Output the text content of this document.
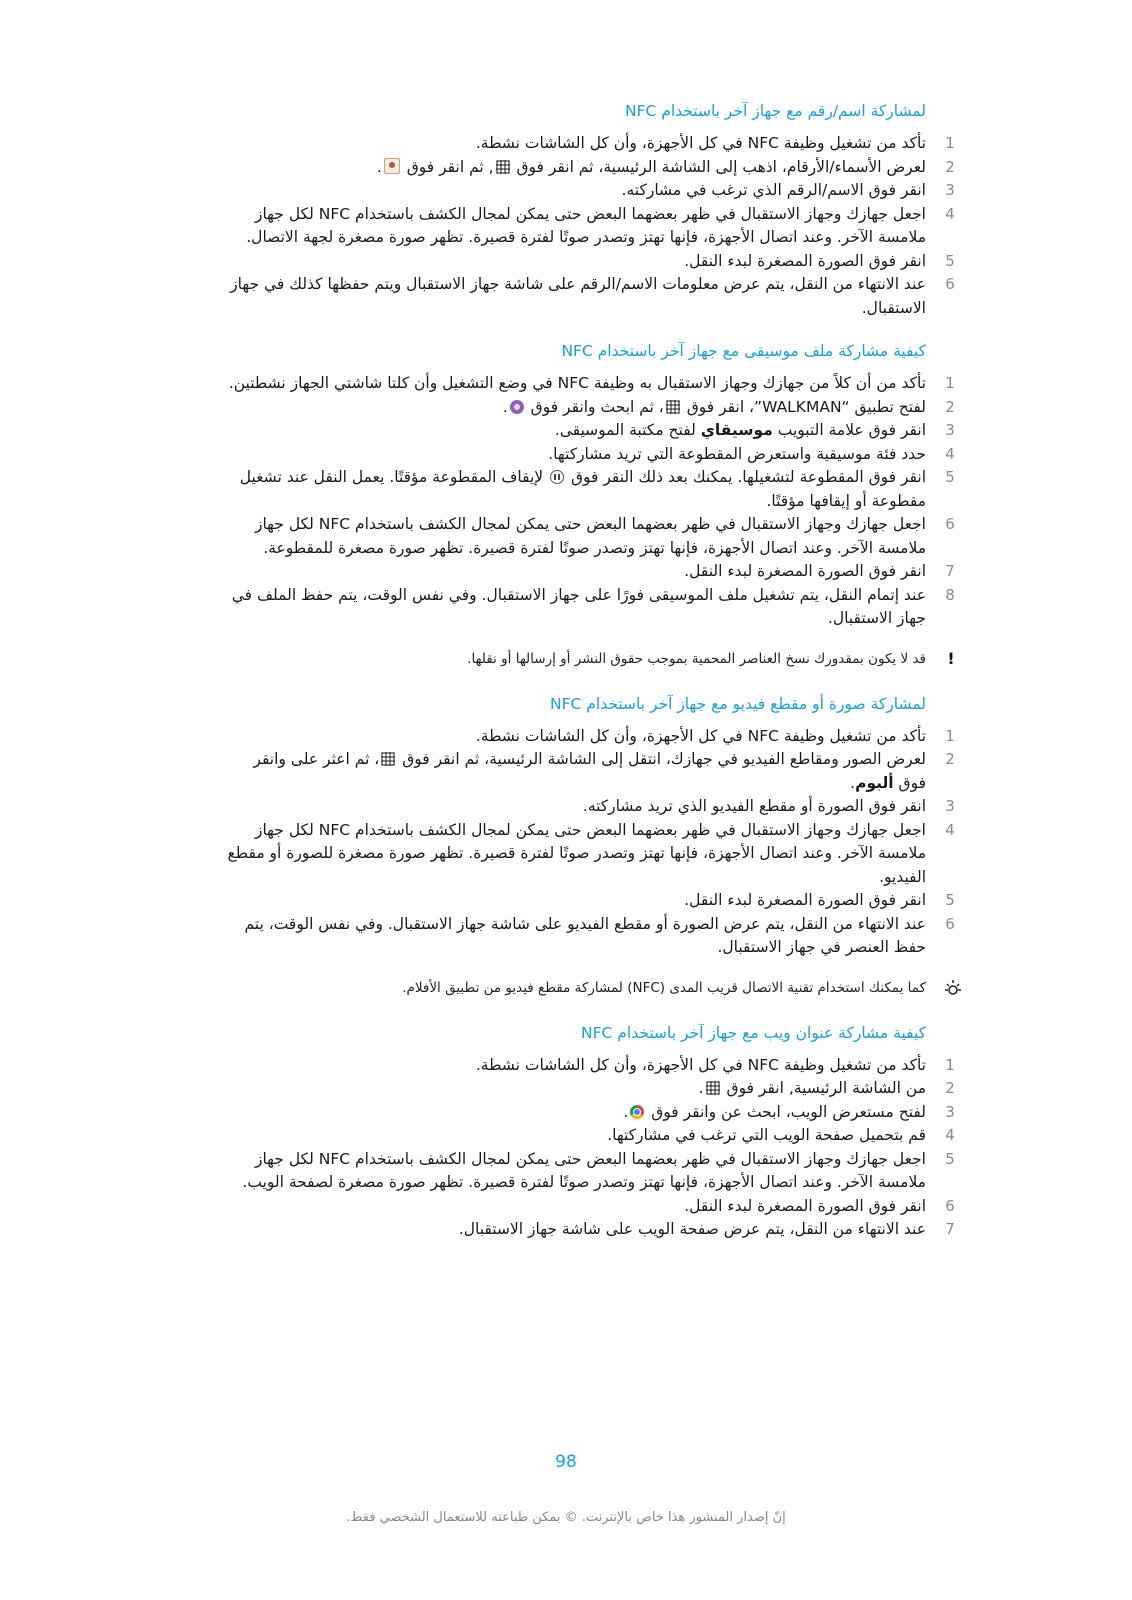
لمشاركة اسم/رقم مع جهاز آخر باستخدام NFC
1
تأكد من تشغيل وظيفة NFC في كل الأجهزة، وأن كل الشاشات نشطة.
2
لعرض الأسماء/الأرقام، اذهب إلى الشاشة الرئيسية، ثم انقر فوق , ثم انقر فوق .
3
انقر فوق الاسم/الرقم الذي ترغب في مشاركته.
4
اجعل جهازك وجهاز الاستقبال في ظهر بعضهما البعض حتى يمكن لمجال الكشف باستخدام NFC لكل جهاز ملامسة الآخر. وعند اتصال الأجهزة، فإنها تهتز وتصدر صوتًا لفترة قصيرة. تظهر صورة مصغرة لجهة الاتصال.
5
انقر فوق الصورة المصغرة لبدء النقل.
6
عند الانتهاء من النقل، يتم عرض معلومات الاسم/الرقم على شاشة جهاز الاستقبال ويتم حفظها كذلك في جهاز الاستقبال.
كيفية مشاركة ملف موسيقى مع جهاز آخر باستخدام NFC
1
تأكد من أن كلاً من جهازك وجهاز الاستقبال به وظيفة NFC في وضع التشغيل وأن كلتا شاشتي الجهاز نشطتين.
2
لفتح تطبيق “WALKMAN”، انقر فوق ، ثم ابحث وانقر فوق .
3
انقر فوق علامة التبويب موسيقاي لفتح مكتبة الموسيقى.
4
حدد فئة موسيقية واستعرض المقطوعة التي تريد مشاركتها.
5
انقر فوق المقطوعة لتشغيلها. يمكنك بعد ذلك النقر فوق  لإيقاف المقطوعة مؤقتًا. يعمل النقل عند تشغيل مقطوعة أو إيقافها مؤقتًا.
6
اجعل جهازك وجهاز الاستقبال في ظهر بعضهما البعض حتى يمكن لمجال الكشف باستخدام NFC لكل جهاز ملامسة الآخر. وعند اتصال الأجهزة، فإنها تهتز وتصدر صوتًا لفترة قصيرة. تظهر صورة مصغرة للمقطوعة.
7
انقر فوق الصورة المصغرة لبدء النقل.
8
عند إتمام النقل، يتم تشغيل ملف الموسيقى فورًا على جهاز الاستقبال. وفي نفس الوقت، يتم حفظ الملف في جهاز الاستقبال.
!
قد لا يكون بمقدورك نسخ العناصر المحمية بموجب حقوق النشر أو إرسالها أو نقلها.
لمشاركة صورة أو مقطع فيديو مع جهاز آخر باستخدام NFC
1
تأكد من تشغيل وظيفة NFC في كل الأجهزة، وأن كل الشاشات نشطة.
2
لعرض الصور ومقاطع الفيديو في جهازك، انتقل إلى الشاشة الرئيسية، ثم انقر فوق ، ثم اعثر على وانقر فوق ألبوم.
3
انقر فوق الصورة أو مقطع الفيديو الذي تريد مشاركته.
4
اجعل جهازك وجهاز الاستقبال في ظهر بعضهما البعض حتى يمكن لمجال الكشف باستخدام NFC لكل جهاز ملامسة الآخر. وعند اتصال الأجهزة، فإنها تهتز وتصدر صوتًا لفترة قصيرة. تظهر صورة مصغرة للصورة أو مقطع الفيديو.
5
انقر فوق الصورة المصغرة لبدء النقل.
6
عند الانتهاء من النقل، يتم عرض الصورة أو مقطع الفيديو على شاشة جهاز الاستقبال. وفي نفس الوقت، يتم حفظ العنصر في جهاز الاستقبال.
كما يمكنك استخدام تقنية الاتصال قريب المدى (NFC) لمشاركة مقطع فيديو من تطبيق الأفلام.
كيفية مشاركة عنوان ويب مع جهاز آخر باستخدام NFC
1
تأكد من تشغيل وظيفة NFC في كل الأجهزة، وأن كل الشاشات نشطة.
2
من الشاشة الرئيسية, انقر فوق .
3
لفتح مستعرض الويب، ابحث عن وانقر فوق .
4
قم بتحميل صفحة الويب التي ترغب في مشاركتها.
5
اجعل جهازك وجهاز الاستقبال في ظهر بعضهما البعض حتى يمكن لمجال الكشف باستخدام NFC لكل جهاز ملامسة الآخر. وعند اتصال الأجهزة، فإنها تهتز وتصدر صوتًا لفترة قصيرة. تظهر صورة مصغرة لصفحة الويب.
6
انقر فوق الصورة المصغرة لبدء النقل.
7
عند الانتهاء من النقل، يتم عرض صفحة الويب على شاشة جهاز الاستقبال.
98
إنّ إصدار المنشور هذا خاص بالإنترنت. © يمكن طباعته للاستعمال الشخصي فقط.
